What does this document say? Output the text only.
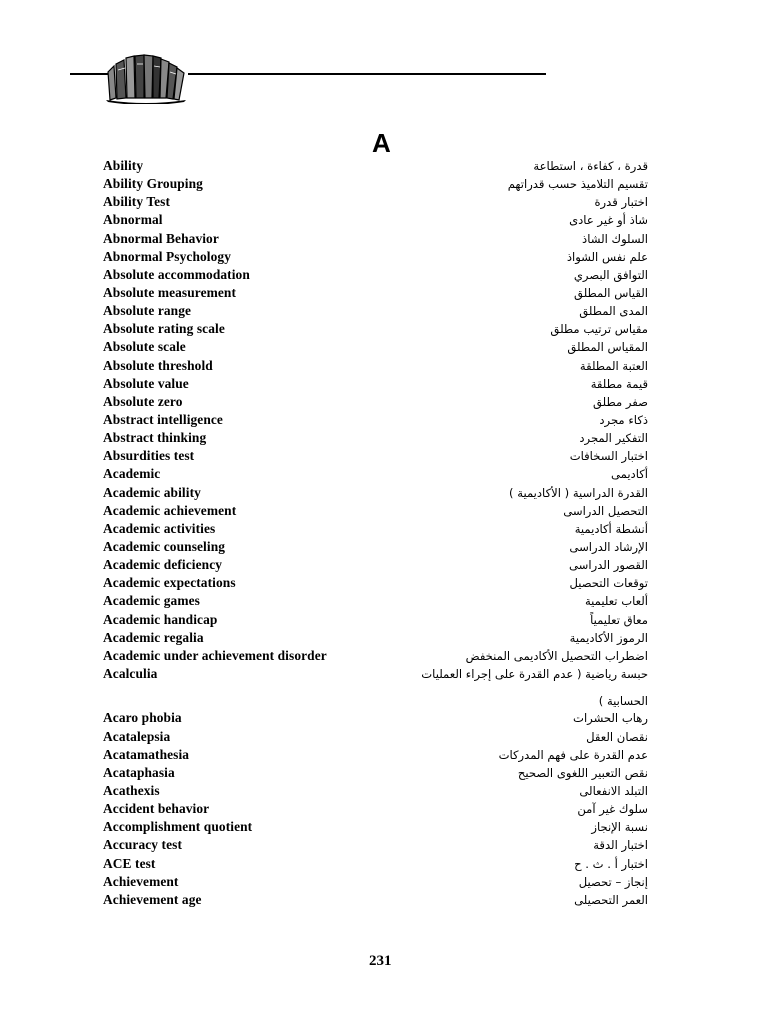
A
Ability	قدرة ، كفاءة ، استطاعة
Ability Grouping	تقسيم التلاميذ حسب قدراتهم
Ability Test	اختبار قدرة
Abnormal	شاذ أو غير عادى
Abnormal Behavior	السلوك الشاذ
Abnormal Psychology	علم نفس الشواذ
Absolute accommodation	التوافق البصري
Absolute measurement	القياس المطلق
Absolute range	المدى المطلق
Absolute rating scale	مقياس ترتيب مطلق
Absolute scale	المقياس المطلق
Absolute threshold	العتبة المطلقة
Absolute value	قيمة مطلقة
Absolute zero	صفر مطلق
Abstract intelligence	ذكاء مجرد
Abstract thinking	التفكير المجرد
Absurdities test	اختبار السخافات
Academic	أكاديمى
Academic ability	القدرة الدراسية ( الأكاديمية )
Academic achievement	التحصيل الدراسى
Academic activities	أنشطة أكاديمية
Academic counseling	الإرشاد الدراسى
Academic deficiency	القصور الدراسى
Academic expectations	توقعات التحصيل
Academic games	ألعاب تعليمية
Academic handicap	معاق تعليمياً
Academic regalia	الرموز الأكاديمية
Academic under achievement disorder	اضطراب التحصيل الأكاديمى المنخفض
Acalculia	حبسة رياضية ( عدم القدرة على إجراء العمليات
الحسابية )
Acaro phobia	رهاب الحشرات
Acatalepsia	نقصان العقل
Acatamathesia	عدم القدرة على فهم المدركات
Acataphasia	نقص التعبير اللغوى الصحيح
Acathexis	التبلد الانفعالى
Accident behavior	سلوك غير آمن
Accomplishment quotient	نسبة الإنجاز
Accuracy test	اختبار الدقة
ACE test	اختبار أ . ث . ح
Achievement	إنجاز – تحصيل
Achievement age	العمر التحصيلى
231
